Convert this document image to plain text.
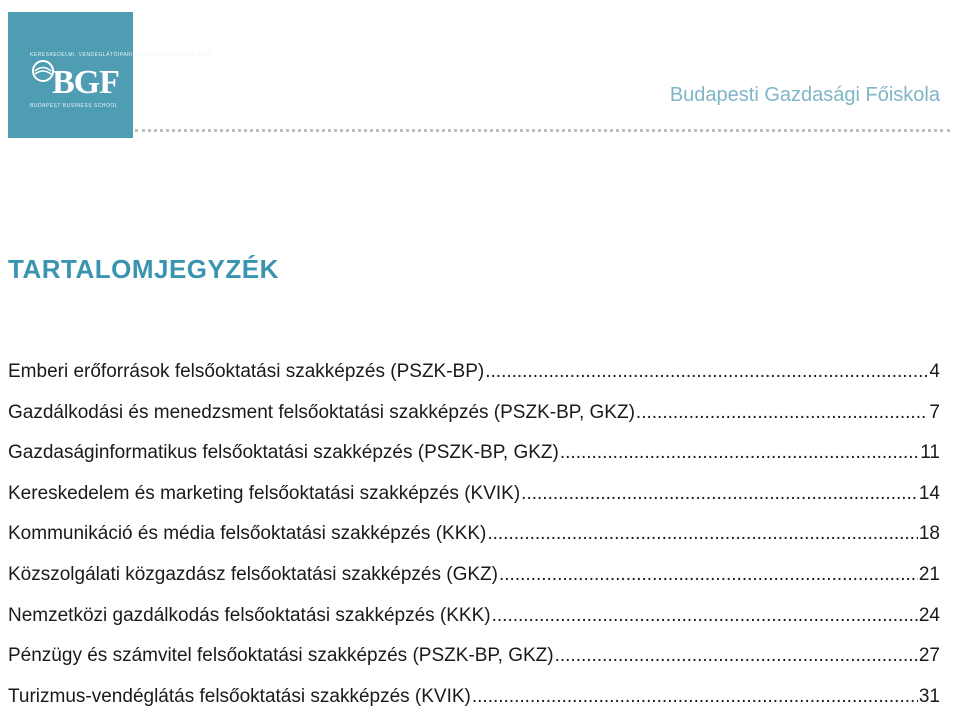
KERESKEDELMI, VENDÉGLÁTÓIPARI ÉS IDEGENFORGALMI KAR
BGF
BUDAPEST BUSINESS SCHOOL	Budapesti Gazdasági Főiskola
TARTALOMJEGYZÉK
Emberi erőforrások felsőoktatási szakképzés (PSZK-BP) .....	4
Gazdálkodási és menedzsment felsőoktatási szakképzés (PSZK-BP, GKZ) .....	7
Gazdaságinformatikus felsőoktatási szakképzés (PSZK-BP, GKZ) .....	11
Kereskedelem és marketing felsőoktatási szakképzés (KVIK) .....	14
Kommunikáció és média felsőoktatási szakképzés (KKK) .....	18
Közszolgálati közgazdász felsőoktatási szakképzés (GKZ) .....	21
Nemzetközi gazdálkodás felsőoktatási szakképzés (KKK) .....	24
Pénzügy és számvitel felsőoktatási szakképzés (PSZK-BP, GKZ) .....	27
Turizmus-vendéglátás felsőoktatási szakképzés (KVIK) .....	31
